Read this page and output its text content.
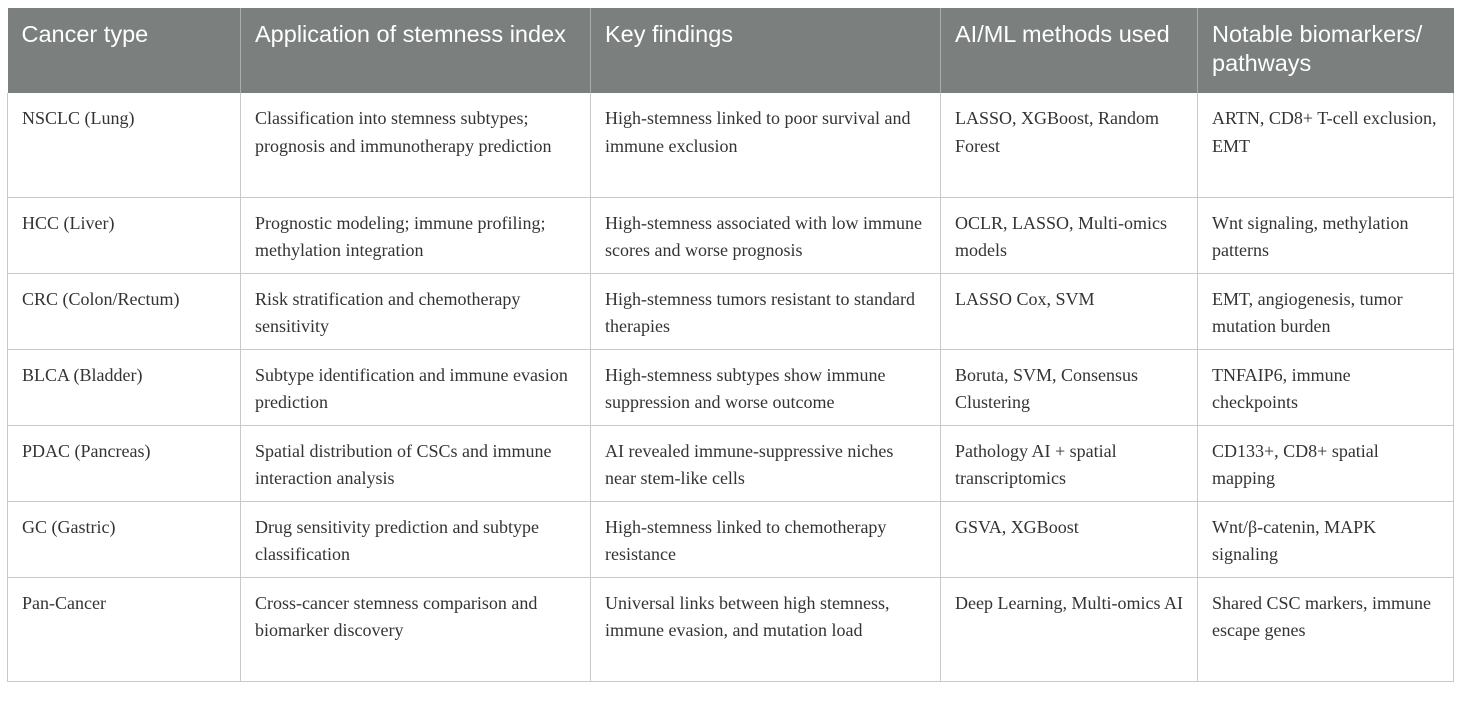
Cancer type	Application of stemness index	Key findings	AI/ML methods used	Notable biomarkers/ pathways
NSCLC (Lung)	Classification into stemness subtypes; prognosis and immunotherapy prediction	High-stemness linked to poor survival and immune exclusion	LASSO, XGBoost, Random Forest	ARTN, CD8+ T-cell exclusion, EMT
HCC (Liver)	Prognostic modeling; immune profiling; methylation integration	High-stemness associated with low immune scores and worse prognosis	OCLR, LASSO, Multi-omics models	Wnt signaling, methylation patterns
CRC (Colon/Rectum)	Risk stratification and chemotherapy sensitivity	High-stemness tumors resistant to standard therapies	LASSO Cox, SVM	EMT, angiogenesis, tumor mutation burden
BLCA (Bladder)	Subtype identification and immune evasion prediction	High-stemness subtypes show immune suppression and worse outcome	Boruta, SVM, Consensus Clustering	TNFAIP6, immune checkpoints
PDAC (Pancreas)	Spatial distribution of CSCs and immune interaction analysis	AI revealed immune-suppressive niches near stem-like cells	Pathology AI + spatial transcriptomics	CD133+, CD8+ spatial mapping
GC (Gastric)	Drug sensitivity prediction and subtype classification	High-stemness linked to chemotherapy resistance	GSVA, XGBoost	Wnt/β-catenin, MAPK signaling
Pan-Cancer	Cross-cancer stemness comparison and biomarker discovery	Universal links between high stemness, immune evasion, and mutation load	Deep Learning, Multi-omics AI	Shared CSC markers, immune escape genes
